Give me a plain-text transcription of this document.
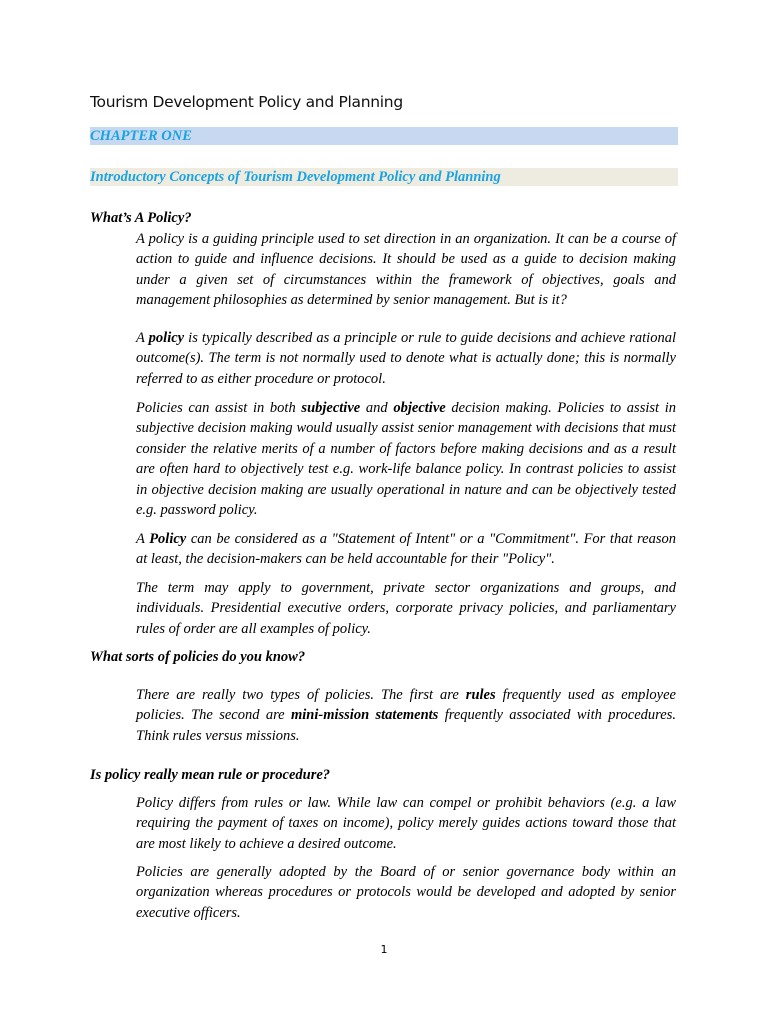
Tourism Development Policy and Planning
CHAPTER ONE
Introductory Concepts of Tourism Development Policy and Planning
What’s A Policy?
A policy is a guiding principle used to set direction in an organization. It can be a course of action to guide and influence decisions. It should be used as a guide to decision making under a given set of circumstances within the framework of objectives, goals and management philosophies as determined by senior management. But is it?
A policy is typically described as a principle or rule to guide decisions and achieve rational outcome(s). The term is not normally used to denote what is actually done; this is normally referred to as either procedure or protocol.
Policies can assist in both subjective and objective decision making. Policies to assist in subjective decision making would usually assist senior management with decisions that must consider the relative merits of a number of factors before making decisions and as a result are often hard to objectively test e.g. work-life balance policy. In contrast policies to assist in objective decision making are usually operational in nature and can be objectively tested e.g. password policy.
A Policy can be considered as a "Statement of Intent" or a "Commitment". For that reason at least, the decision-makers can be held accountable for their "Policy".
The term may apply to government, private sector organizations and groups, and individuals. Presidential executive orders, corporate privacy policies, and parliamentary rules of order are all examples of policy.
What sorts of policies do you know?
There are really two types of policies. The first are rules frequently used as employee policies. The second are mini-mission statements frequently associated with procedures. Think rules versus missions.
Is policy really mean rule or procedure?
Policy differs from rules or law. While law can compel or prohibit behaviors (e.g. a law requiring the payment of taxes on income), policy merely guides actions toward those that are most likely to achieve a desired outcome.
Policies are generally adopted by the Board of or senior governance body within an organization whereas procedures or protocols would be developed and adopted by senior executive officers.
1
